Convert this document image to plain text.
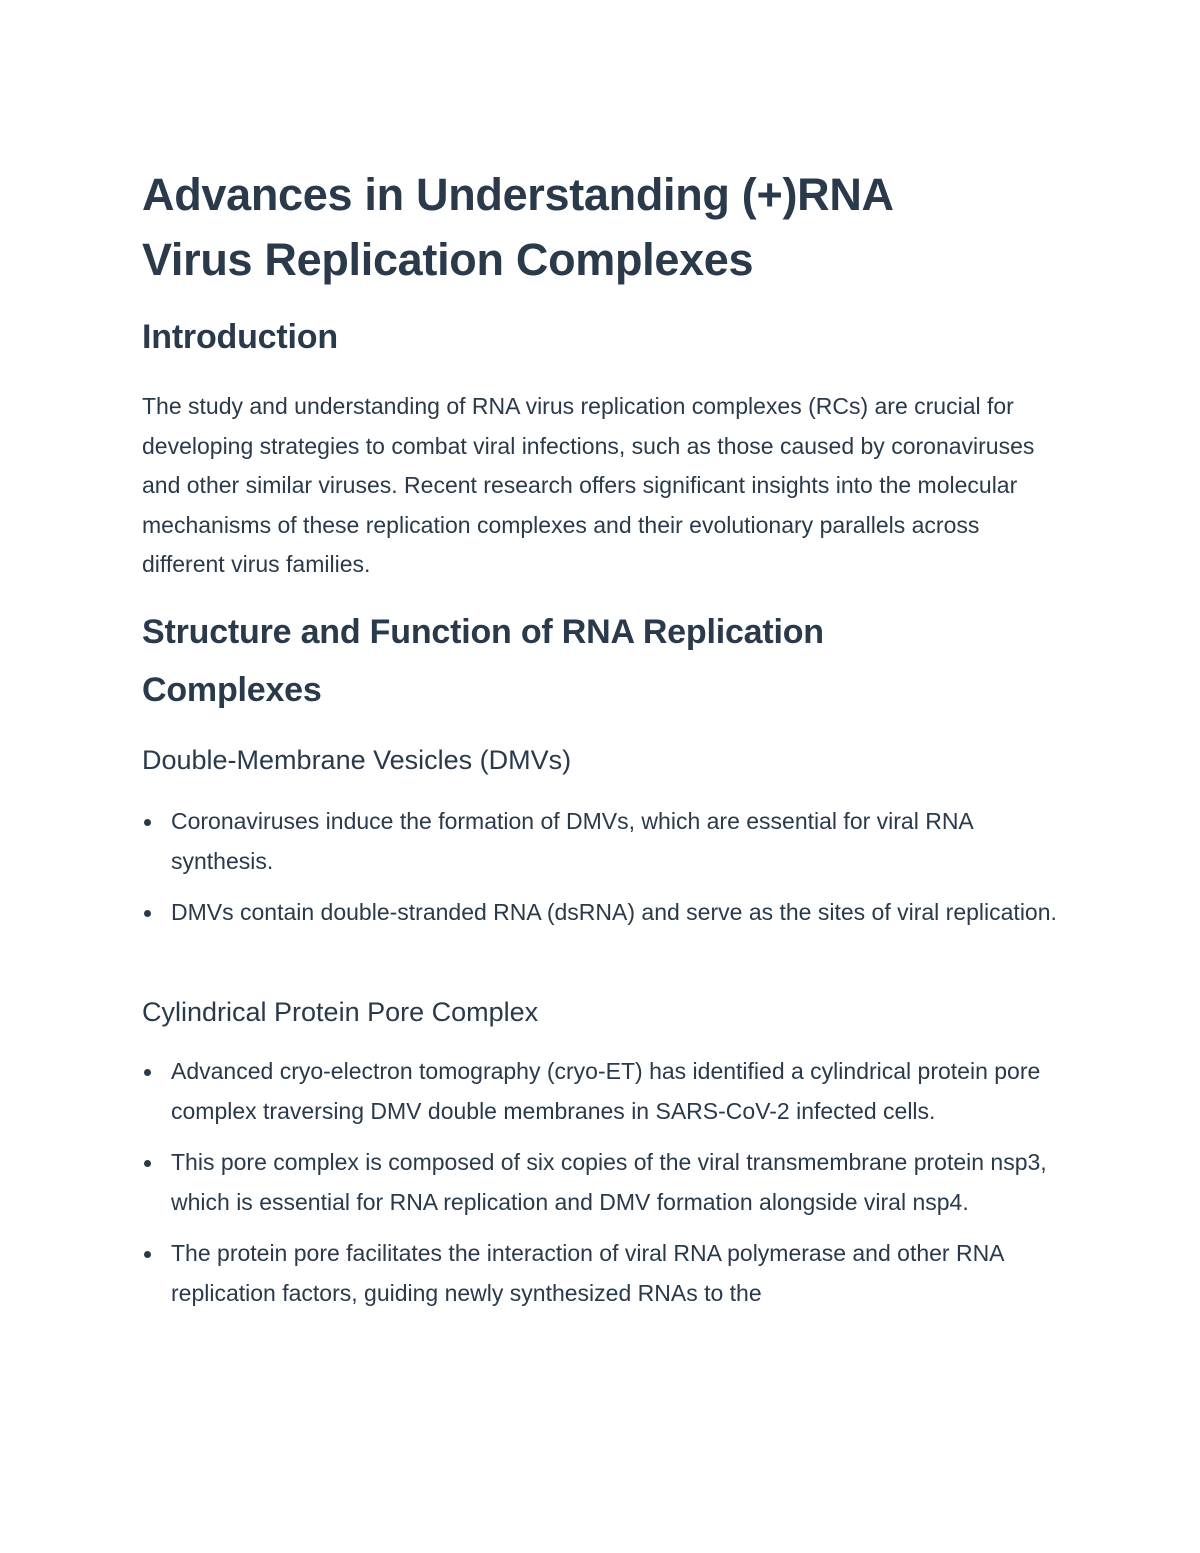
Advances in Understanding (+)RNA
Virus Replication Complexes
Introduction

The study and understanding of RNA virus replication complexes (RCs) are crucial for developing strategies to combat viral infections, such as those caused by coronaviruses and other similar viruses. Recent research offers significant insights into the molecular mechanisms of these replication complexes and their evolutionary parallels across different virus families.

Structure and Function of RNA Replication
Complexes
Double-Membrane Vesicles (DMVs)
Coronaviruses induce the formation of DMVs, which are essential for viral RNA synthesis.
DMVs contain double-stranded RNA (dsRNA) and serve as the sites of viral replication.
Cylindrical Protein Pore Complex
Advanced cryo-electron tomography (cryo-ET) has identified a cylindrical protein pore complex traversing DMV double membranes in SARS-CoV-2 infected cells.
This pore complex is composed of six copies of the viral transmembrane protein nsp3, which is essential for RNA replication and DMV formation alongside viral nsp4.
The protein pore facilitates the interaction of viral RNA polymerase and other RNA replication factors, guiding newly synthesized RNAs to the
